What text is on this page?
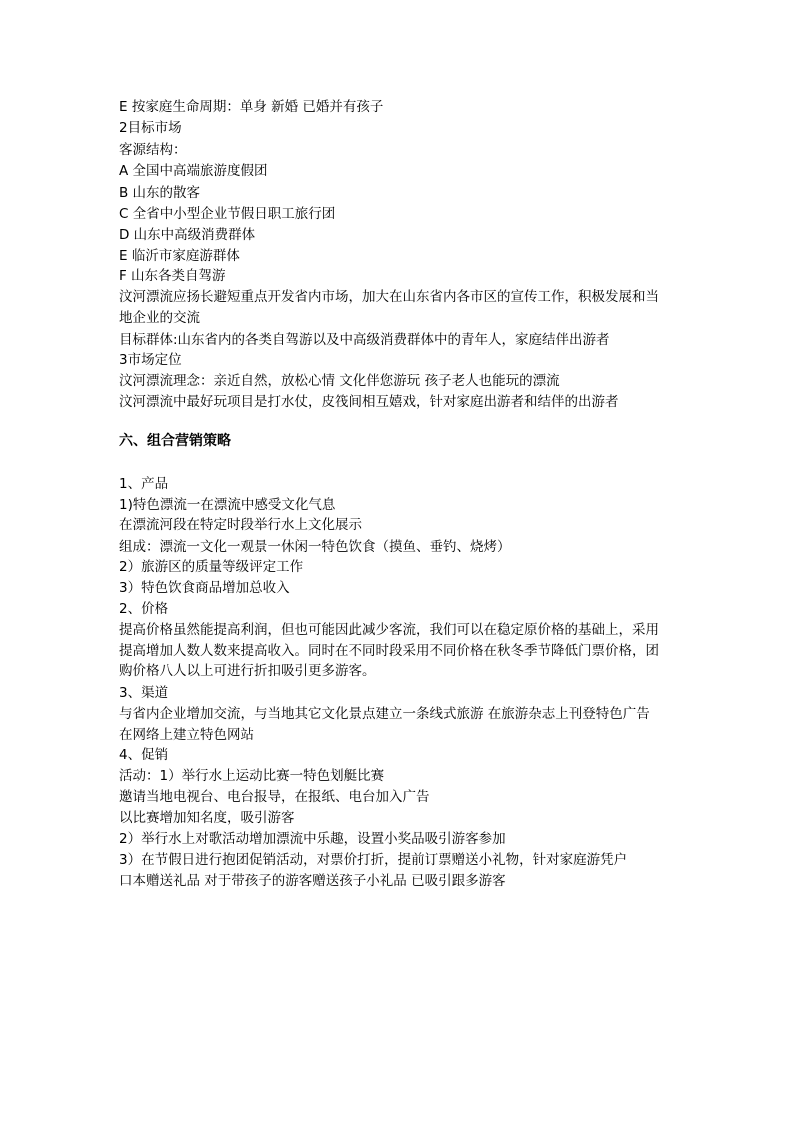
E 按家庭生命周期：单身 新婚 已婚并有孩子
2目标市场
客源结构：
A 全国中高端旅游度假团
B 山东的散客
C 全省中小型企业节假日职工旅行团
D 山东中高级消费群体
E 临沂市家庭游群体
F 山东各类自驾游
汶河漂流应扬长避短重点开发省内市场，加大在山东省内各市区的宣传工作，积极发展和当
地企业的交流
目标群体:山东省内的各类自驾游以及中高级消费群体中的青年人，家庭结伴出游者
3市场定位
汶河漂流理念：亲近自然，放松心情 文化伴您游玩 孩子老人也能玩的漂流
汶河漂流中最好玩项目是打水仗，皮筏间相互嬉戏，针对家庭出游者和结伴的出游者
六、组合营销策略
1、产品
1)特色漂流一在漂流中感受文化气息
在漂流河段在特定时段举行水上文化展示
组成：漂流一文化一观景一休闲一特色饮食（摸鱼、垂钓、烧烤）
2）旅游区的质量等级评定工作
3）特色饮食商品增加总收入
2、价格
提高价格虽然能提高利润，但也可能因此减少客流，我们可以在稳定原价格的基础上，采用
提高增加人数人数来提高收入。同时在不同时段采用不同价格在秋冬季节降低门票价格，团
购价格八人以上可进行折扣吸引更多游客。
3、渠道
与省内企业增加交流，与当地其它文化景点建立一条线式旅游 在旅游杂志上刊登特色广告
在网络上建立特色网站
4、促销
活动：1）举行水上运动比赛一特色划艇比赛
邀请当地电视台、电台报导，在报纸、电台加入广告
以比赛增加知名度，吸引游客
2）举行水上对歌活动增加漂流中乐趣，设置小奖品吸引游客参加
3）在节假日进行抱团促销活动，对票价打折，提前订票赠送小礼物，针对家庭游凭户
口本赠送礼品 对于带孩子的游客赠送孩子小礼品 已吸引跟多游客
